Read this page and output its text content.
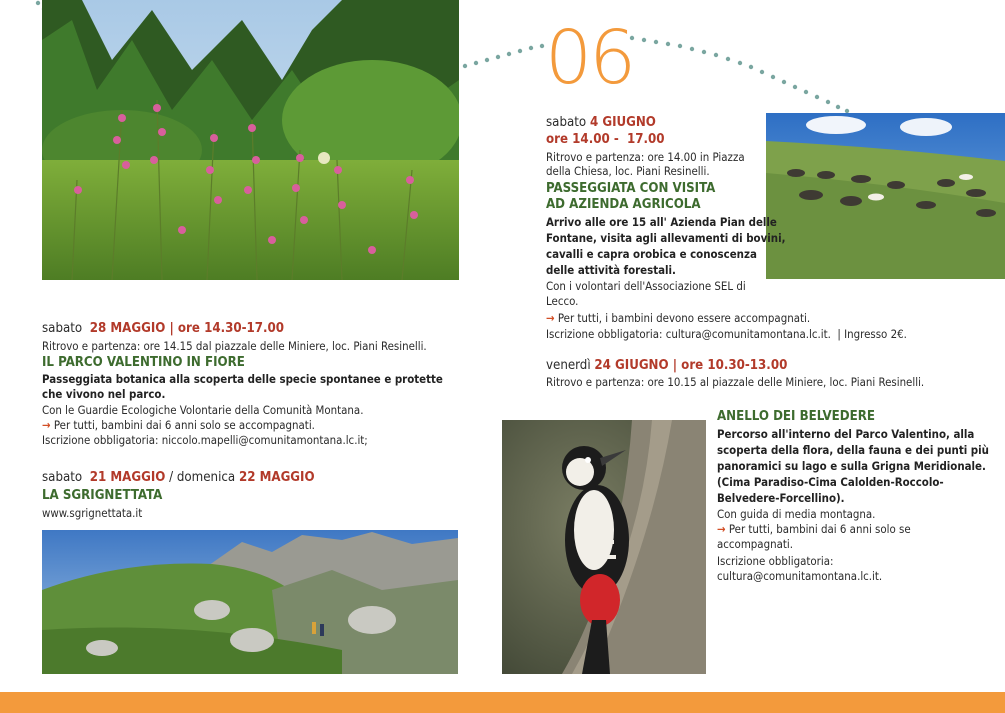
06
sabato 28 MAGGIO | ore 14.30-17.00
Ritrovo e partenza: ore 14.15 dal piazzale delle Miniere, loc. Piani Resinelli.
IL PARCO VALENTINO IN FIORE
Passeggiata botanica alla scoperta delle specie spontanee e protette che vivono nel parco.
Con le Guardie Ecologiche Volontarie della Comunità Montana.
→ Per tutti, bambini dai 6 anni solo se accompagnati.
Iscrizione obbligatoria: niccolo.mapelli@comunitamontana.lc.it;
sabato 21 MAGGIO / domenica 22 MAGGIO
LA SGRIGNETTATA
www.sgrignettata.it
sabato 4 GIUGNO
ore 14.00 -  17.00
Ritrovo e partenza: ore 14.00 in Piazza
della Chiesa, loc. Piani Resinelli.
PASSEGGIATA CON VISITA
AD AZIENDA AGRICOLA
Arrivo alle ore 15 all' Azienda Pian delle
Fontane, visita agli allevamenti di bovini,
cavalli e capra orobica e conoscenza
delle attività forestali.
Con i volontari dell'Associazione SEL di
Lecco.
→ Per tutti, i bambini devono essere accompagnati.
Iscrizione obbligatoria: cultura@comunitamontana.lc.it.  | Ingresso 2€.
venerdì 24 GIUGNO | ore 10.30-13.00
Ritrovo e partenza: ore 10.15 al piazzale delle Miniere, loc. Piani Resinelli.
ANELLO DEI BELVEDERE
Percorso all'interno del Parco Valentino, alla
scoperta della flora, della fauna e dei punti più
panoramici su lago e sulla Grigna Meridionale.
(Cima Paradiso-Cima Calolden-Roccolo-
Belvedere-Forcellino).
Con guida di media montagna.
→ Per tutti, bambini dai 6 anni solo se
accompagnati.
Iscrizione obbligatoria:
cultura@comunitamontana.lc.it.
